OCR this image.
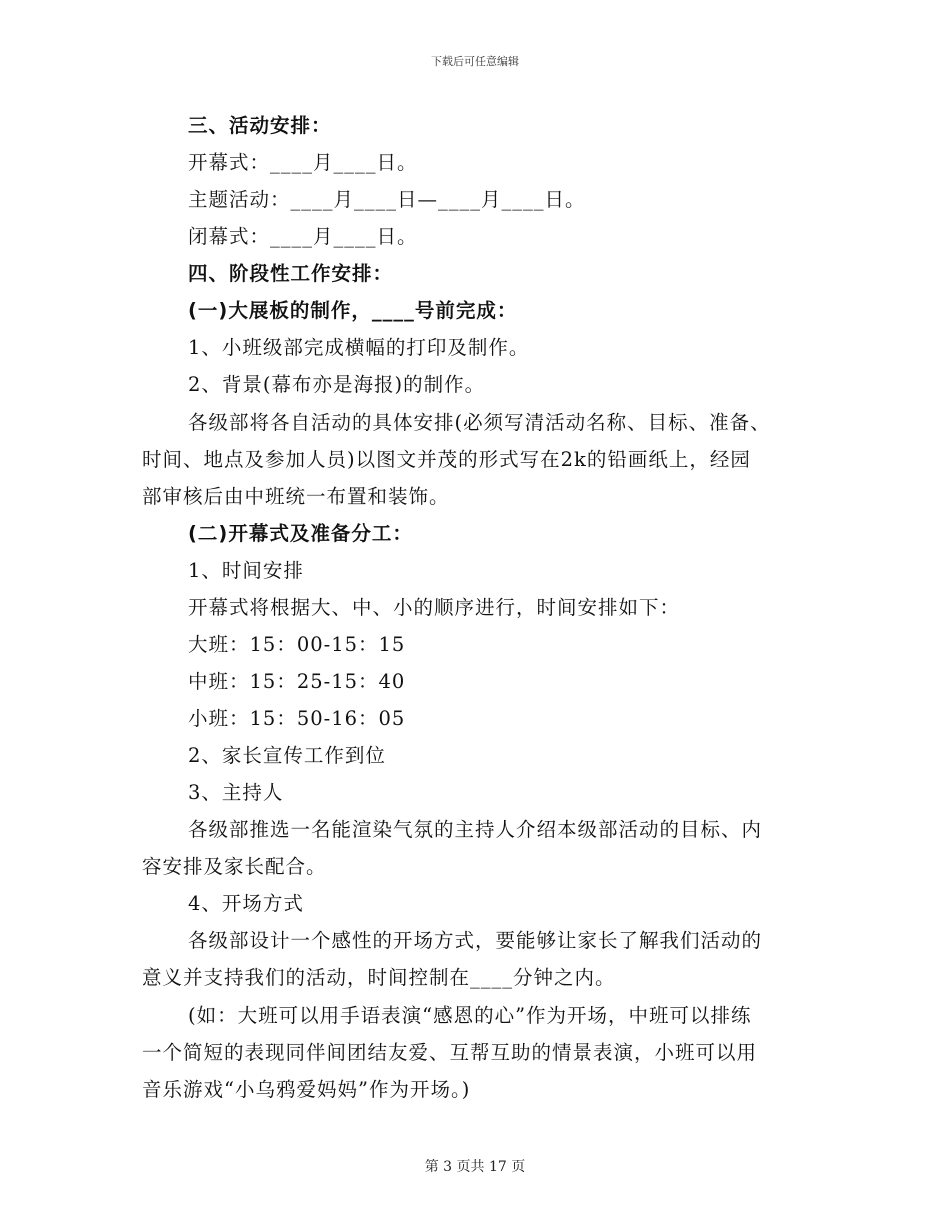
下载后可任意编辑
三、活动安排：
开幕式：____月____日。
主题活动：____月____日—____月____日。
闭幕式：____月____日。
四、阶段性工作安排：
(一)大展板的制作，____号前完成：
1、小班级部完成横幅的打印及制作。
2、背景(幕布亦是海报)的制作。
各级部将各自活动的具体安排(必须写清活动名称、目标、准备、
时间、地点及参加人员)以图文并茂的形式写在2k的铅画纸上，经园
部审核后由中班统一布置和装饰。
(二)开幕式及准备分工：
1、时间安排
开幕式将根据大、中、小的顺序进行，时间安排如下：
大班：15：00-15：15
中班：15：25-15：40
小班：15：50-16：05
2、家长宣传工作到位
3、主持人
各级部推选一名能渲染气氛的主持人介绍本级部活动的目标、内
容安排及家长配合。
4、开场方式
各级部设计一个感性的开场方式，要能够让家长了解我们活动的
意义并支持我们的活动，时间控制在____分钟之内。
(如：大班可以用手语表演“感恩的心”作为开场，中班可以排练
一个简短的表现同伴间团结友爱、互帮互助的情景表演，小班可以用
音乐游戏“小乌鸦爱妈妈”作为开场。)
第 3 页共 17 页
